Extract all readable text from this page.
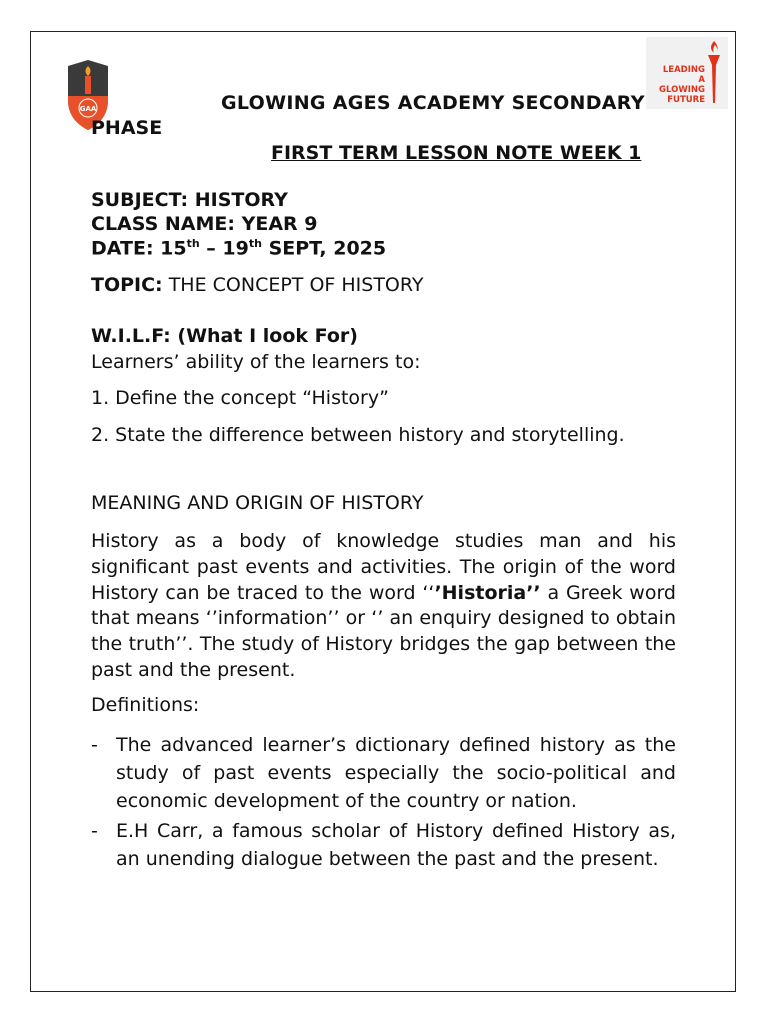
GAA
LEADING
A GLOWING
FUTURE
GLOWING AGES ACADEMY SECONDARY
PHASE
FIRST TERM LESSON NOTE WEEK 1
SUBJECT: HISTORY
CLASS NAME: YEAR 9
DATE: 15th – 19th SEPT, 2025
TOPIC: THE CONCEPT OF HISTORY
W.I.L.F: (What I look For)
Learners’ ability of the learners to:
1. Define the concept “History”
2. State the difference between history and storytelling.
MEANING AND ORIGIN OF HISTORY
History as a body of knowledge studies man and his significant past events and activities. The origin of the word History can be traced to the word ‘‘’Historia’’ a Greek word that means ‘’information’’ or ‘’ an enquiry designed to obtain the truth’’. The study of History bridges the gap between the past and the present.
Definitions:
- The advanced learner’s dictionary defined history as the study of past events especially the socio-political and economic development of the country or nation.
- E.H Carr, a famous scholar of History defined History as, an unending dialogue between the past and the present.
